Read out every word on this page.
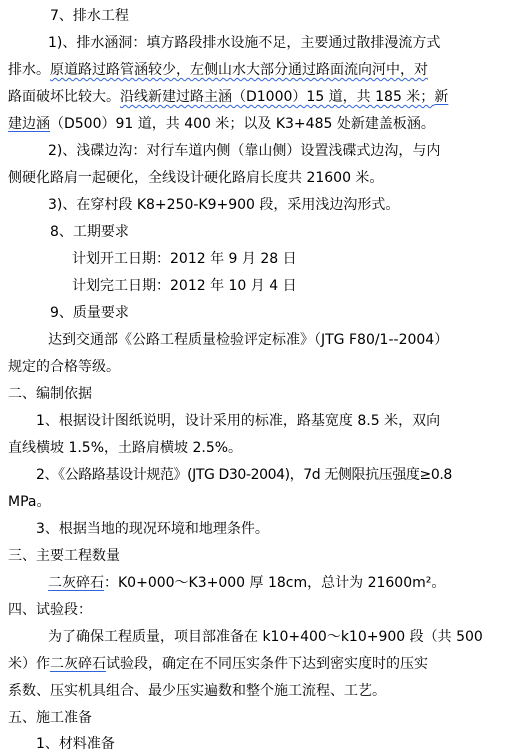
7、排水工程
1)、排水涵洞：填方路段排水设施不足，主要通过散排漫流方式
排水。原道路过路管涵较少，左侧山水大部分通过路面流向河中，对
路面破坏比较大。沿线新建过路主涵（D1000）15 道，共 185 米；新
建边涵（D500）91 道，共 400 米；以及 K3+485 处新建盖板涵。
2)、浅碟边沟：对行车道内侧（靠山侧）设置浅碟式边沟，与内
侧硬化路肩一起硬化，全线设计硬化路肩长度共 21600 米。
3)、在穿村段 K8+250-K9+900 段，采用浅边沟形式。
8、工期要求
计划开工日期：2012 年 9 月 28 日
计划完工日期：2012 年 10 月 4 日
9、质量要求
达到交通部《公路工程质量检验评定标准》（JTG F80/1--2004）
规定的合格等级。
二、编制依据
1、根据设计图纸说明，设计采用的标准，路基宽度 8.5 米，双向
直线横坡 1.5%，土路肩横坡 2.5%。
2、《公路路基设计规范》(JTG D30-2004)，7d 无侧限抗压强度≥0.8
MPa。
3、根据当地的现况环境和地理条件。
三、主要工程数量
二灰碎石：K0+000～K3+000 厚 18cm，总计为 21600m²。
四、试验段：
为了确保工程质量，项目部准备在 k10+400～k10+900 段（共 500
米）作二灰碎石试验段，确定在不同压实条件下达到密实度时的压实
系数、压实机具组合、最少压实遍数和整个施工流程、工艺。
五、施工准备
1、材料准备
